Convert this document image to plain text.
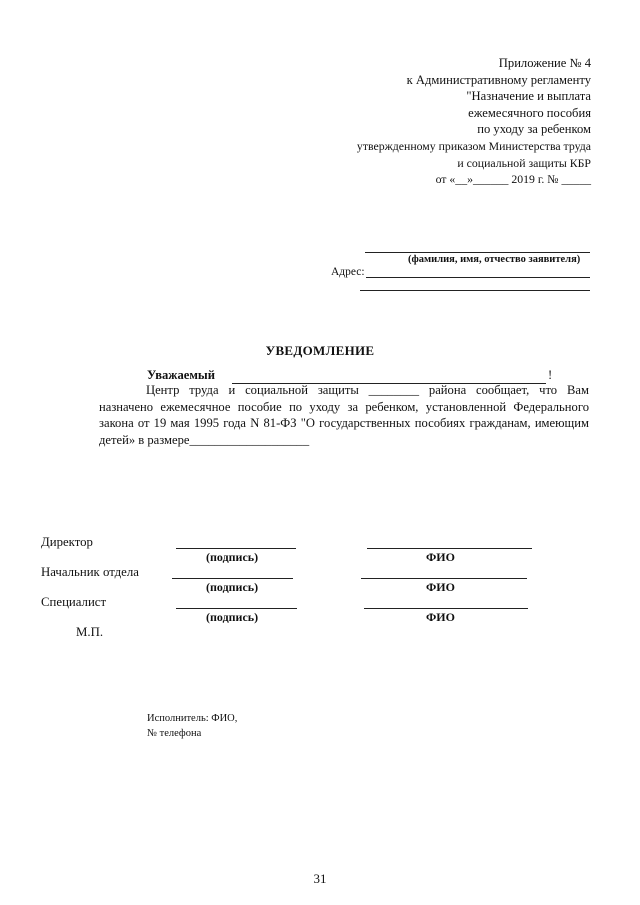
Приложение № 4
к Административному регламенту
"Назначение и выплата
ежемесячного пособия
по уходу за ребенком
утвержденному приказом Министерства труда
и социальной защиты КБР
от «__»______ 2019 г. № _____
(фамилия, имя, отчество заявителя)
Адрес:
УВЕДОМЛЕНИЕ
Уважаемый	!
Центр труда и социальной защиты ________ района сообщает, что Вам
назначено ежемесячное пособие по уходу за ребенком, установленной Федерального
закона от 19 мая 1995 года N 81-ФЗ "О государственных пособиях гражданам, имеющим
детей» в размере___________________
Директор
(подпись)	ФИО
Начальник отдела
(подпись)	ФИО
Специалист
(подпись)	ФИО
М.П.
Исполнитель: ФИО,
№ телефона
31
